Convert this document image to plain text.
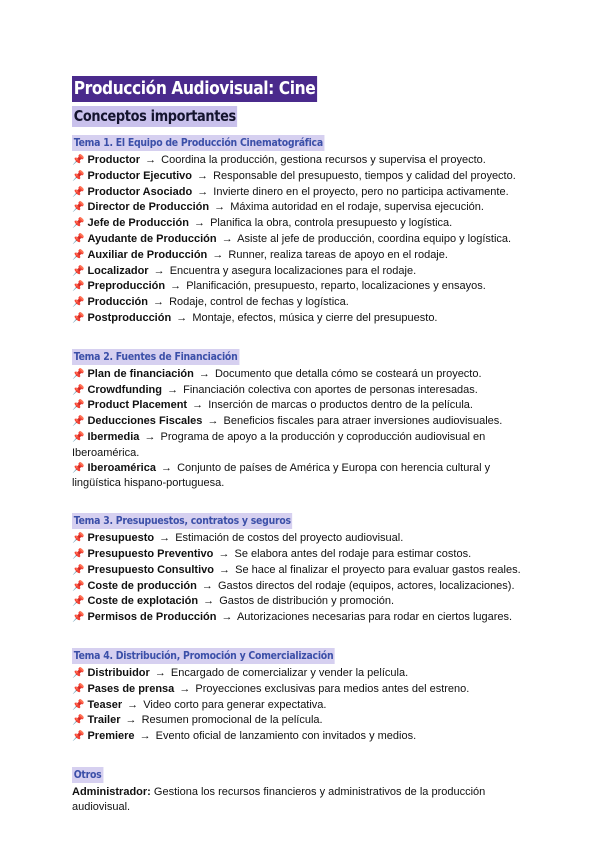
Producción Audiovisual: Cine
Conceptos importantes
Tema 1. El Equipo de Producción Cinematográfica
📌 Productor → Coordina la producción, gestiona recursos y supervisa el proyecto.
📌 Productor Ejecutivo → Responsable del presupuesto, tiempos y calidad del proyecto.
📌 Productor Asociado → Invierte dinero en el proyecto, pero no participa activamente.
📌 Director de Producción → Máxima autoridad en el rodaje, supervisa ejecución.
📌 Jefe de Producción → Planifica la obra, controla presupuesto y logística.
📌 Ayudante de Producción → Asiste al jefe de producción, coordina equipo y logística.
📌 Auxiliar de Producción → Runner, realiza tareas de apoyo en el rodaje.
📌 Localizador → Encuentra y asegura localizaciones para el rodaje.
📌 Preproducción → Planificación, presupuesto, reparto, localizaciones y ensayos.
📌 Producción → Rodaje, control de fechas y logística.
📌 Postproducción → Montaje, efectos, música y cierre del presupuesto.
Tema 2. Fuentes de Financiación
📌 Plan de financiación → Documento que detalla cómo se costeará un proyecto.
📌 Crowdfunding → Financiación colectiva con aportes de personas interesadas.
📌 Product Placement → Inserción de marcas o productos dentro de la película.
📌 Deducciones Fiscales → Beneficios fiscales para atraer inversiones audiovisuales.
📌 Ibermedia → Programa de apoyo a la producción y coproducción audiovisual en Iberoamérica.
📌 Iberoamérica → Conjunto de países de América y Europa con herencia cultural y lingüística hispano-portuguesa.
Tema 3. Presupuestos, contratos y seguros
📌 Presupuesto → Estimación de costos del proyecto audiovisual.
📌 Presupuesto Preventivo → Se elabora antes del rodaje para estimar costos.
📌 Presupuesto Consultivo → Se hace al finalizar el proyecto para evaluar gastos reales.
📌 Coste de producción → Gastos directos del rodaje (equipos, actores, localizaciones).
📌 Coste de explotación → Gastos de distribución y promoción.
📌 Permisos de Producción → Autorizaciones necesarias para rodar en ciertos lugares.
Tema 4. Distribución, Promoción y Comercialización
📌 Distribuidor → Encargado de comercializar y vender la película.
📌 Pases de prensa → Proyecciones exclusivas para medios antes del estreno.
📌 Teaser → Video corto para generar expectativa.
📌 Trailer → Resumen promocional de la película.
📌 Premiere → Evento oficial de lanzamiento con invitados y medios.
Otros
Administrador: Gestiona los recursos financieros y administrativos de la producción audiovisual.
